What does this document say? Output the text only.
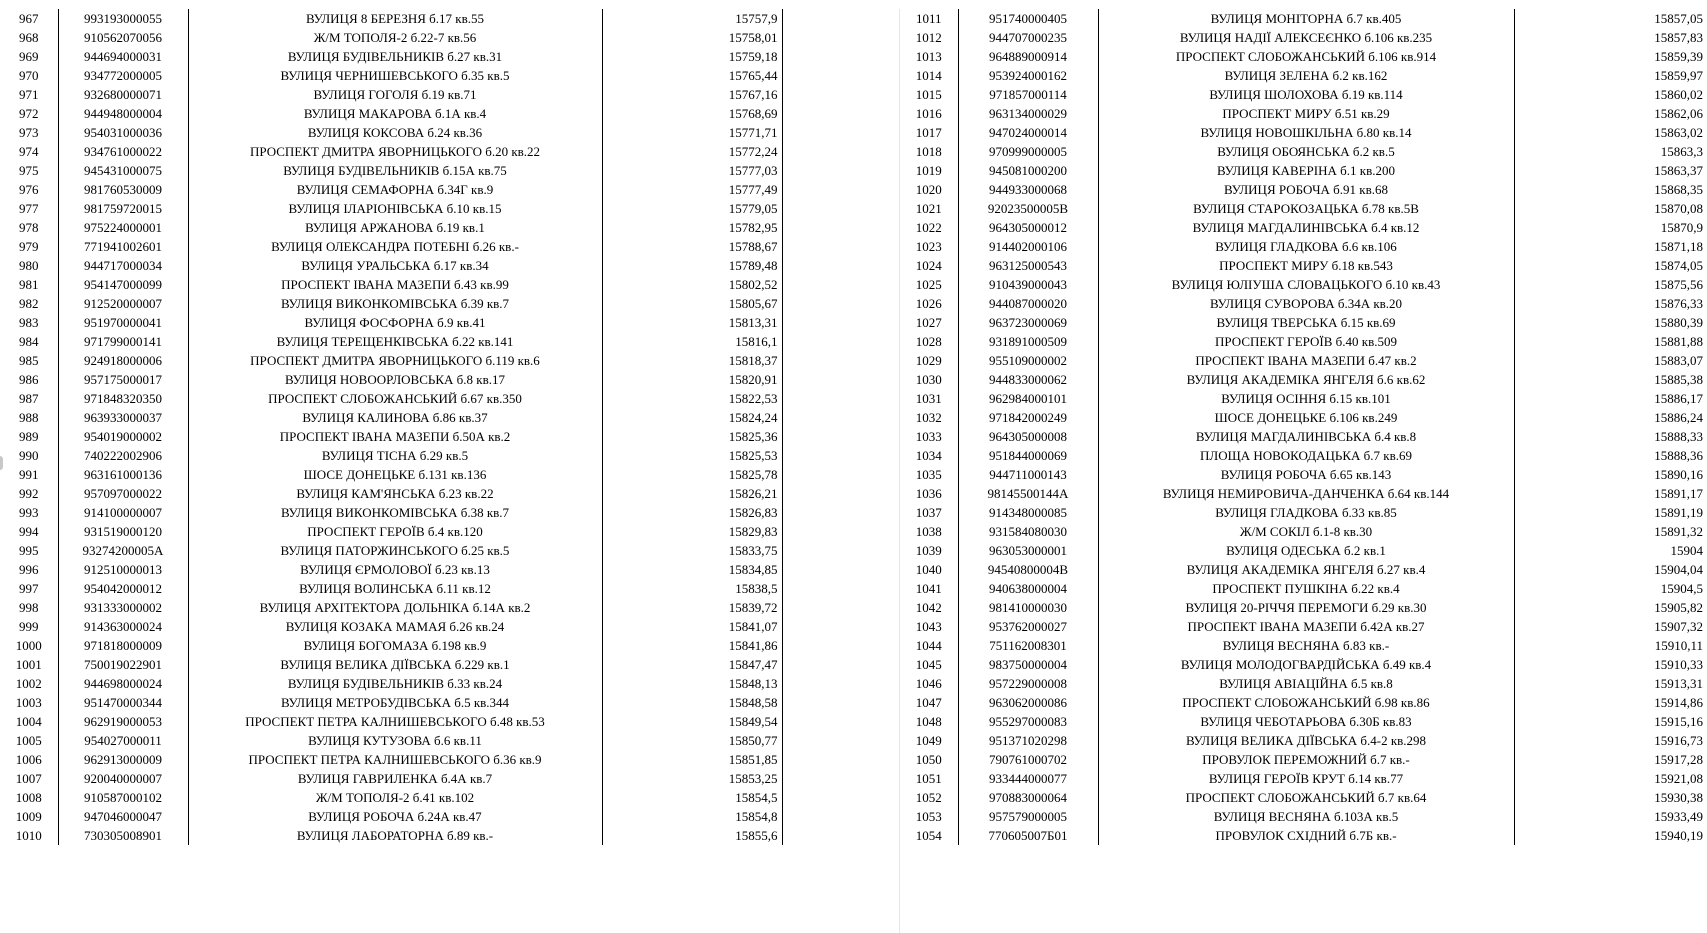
967	993193000055	ВУЛИЦЯ 8 БЕРЕЗНЯ б.17 кв.55	15757,9	
968	910562070056	Ж/М ТОПОЛЯ-2 б.22-7 кв.56	15758,01	
969	944694000031	ВУЛИЦЯ БУДІВЕЛЬНИКІВ б.27 кв.31	15759,18	
970	934772000005	ВУЛИЦЯ ЧЕРНИШЕВСЬКОГО б.35 кв.5	15765,44	
971	932680000071	ВУЛИЦЯ ГОГОЛЯ б.19 кв.71	15767,16	
972	944948000004	ВУЛИЦЯ МАКАРОВА б.1А кв.4	15768,69	
973	954031000036	ВУЛИЦЯ КОКСОВА б.24 кв.36	15771,71	
974	934761000022	ПРОСПЕКТ ДМИТРА ЯВОРНИЦЬКОГО б.20 кв.22	15772,24	
975	945431000075	ВУЛИЦЯ БУДІВЕЛЬНИКІВ б.15А кв.75	15777,03	
976	981760530009	ВУЛИЦЯ СЕМАФОРНА б.34Г кв.9	15777,49	
977	981759720015	ВУЛИЦЯ ІЛАРІОНІВСЬКА б.10 кв.15	15779,05	
978	975224000001	ВУЛИЦЯ АРЖАНОВА б.19 кв.1	15782,95	
979	771941002601	ВУЛИЦЯ ОЛЕКСАНДРА ПОТЕБНІ б.26 кв.-	15788,67	
980	944717000034	ВУЛИЦЯ УРАЛЬСЬКА б.17 кв.34	15789,48	
981	954147000099	ПРОСПЕКТ ІВАНА МАЗЕПИ б.43 кв.99	15802,52	
982	912520000007	ВУЛИЦЯ ВИКОНКОМІВСЬКА б.39 кв.7	15805,67	
983	951970000041	ВУЛИЦЯ ФОСФОРНА б.9 кв.41	15813,31	
984	971799000141	ВУЛИЦЯ ТЕРЕЩЕНКІВСЬКА б.22 кв.141	15816,1	
985	924918000006	ПРОСПЕКТ ДМИТРА ЯВОРНИЦЬКОГО б.119 кв.6	15818,37	
986	957175000017	ВУЛИЦЯ НОВООРЛОВСЬКА б.8 кв.17	15820,91	
987	971848320350	ПРОСПЕКТ СЛОБОЖАНСЬКИЙ б.67 кв.350	15822,53	
988	963933000037	ВУЛИЦЯ КАЛИНОВА б.86 кв.37	15824,24	
989	954019000002	ПРОСПЕКТ ІВАНА МАЗЕПИ б.50А кв.2	15825,36	
990	740222002906	ВУЛИЦЯ ТІСНА б.29 кв.5	15825,53	
991	963161000136	ШОСЕ ДОНЕЦЬКЕ б.131 кв.136	15825,78	
992	957097000022	ВУЛИЦЯ КАМ'ЯНСЬКА б.23 кв.22	15826,21	
993	914100000007	ВУЛИЦЯ ВИКОНКОМІВСЬКА б.38 кв.7	15826,83	
994	931519000120	ПРОСПЕКТ ГЕРОЇВ б.4 кв.120	15829,83	
995	93274200005А	ВУЛИЦЯ ПАТОРЖИНСЬКОГО б.25 кв.5	15833,75	
996	912510000013	ВУЛИЦЯ ЄРМОЛОВОЇ б.23 кв.13	15834,85	
997	954042000012	ВУЛИЦЯ ВОЛИНСЬКА б.11 кв.12	15838,5	
998	931333000002	ВУЛИЦЯ АРХІТЕКТОРА ДОЛЬНІКА б.14А кв.2	15839,72	
999	914363000024	ВУЛИЦЯ КОЗАКА МАМАЯ б.26 кв.24	15841,07	
1000	971818000009	ВУЛИЦЯ БОГОМАЗА б.198 кв.9	15841,86	
1001	750019022901	ВУЛИЦЯ ВЕЛИКА ДІЇВСЬКА б.229 кв.1	15847,47	
1002	944698000024	ВУЛИЦЯ БУДІВЕЛЬНИКІВ б.33 кв.24	15848,13	
1003	951470000344	ВУЛИЦЯ МЕТРОБУДІВСЬКА б.5 кв.344	15848,58	
1004	962919000053	ПРОСПЕКТ ПЕТРА КАЛНИШЕВСЬКОГО б.48 кв.53	15849,54	
1005	954027000011	ВУЛИЦЯ КУТУЗОВА б.6 кв.11	15850,77	
1006	962913000009	ПРОСПЕКТ ПЕТРА КАЛНИШЕВСЬКОГО б.36 кв.9	15851,85	
1007	920040000007	ВУЛИЦЯ ГАВРИЛЕНКА б.4А кв.7	15853,25	
1008	910587000102	Ж/М ТОПОЛЯ-2 б.41 кв.102	15854,5	
1009	947046000047	ВУЛИЦЯ РОБОЧА б.24А кв.47	15854,8	
1010	730305008901	ВУЛИЦЯ ЛАБОРАТОРНА б.89 кв.-	15855,6	
1011	951740000405	ВУЛИЦЯ МОНІТОРНА б.7 кв.405	15857,05
1012	944707000235	ВУЛИЦЯ НАДІЇ АЛЕКСЕЄНКО б.106 кв.235	15857,83
1013	964889000914	ПРОСПЕКТ СЛОБОЖАНСЬКИЙ б.106 кв.914	15859,39
1014	953924000162	ВУЛИЦЯ ЗЕЛЕНА б.2 кв.162	15859,97
1015	971857000114	ВУЛИЦЯ ШОЛОХОВА б.19 кв.114	15860,02
1016	963134000029	ПРОСПЕКТ МИРУ б.51 кв.29	15862,06
1017	947024000014	ВУЛИЦЯ НОВОШКІЛЬНА б.80 кв.14	15863,02
1018	970999000005	ВУЛИЦЯ ОБОЯНСЬКА б.2 кв.5	15863,3
1019	945081000200	ВУЛИЦЯ КАВЕРІНА б.1 кв.200	15863,37
1020	944933000068	ВУЛИЦЯ РОБОЧА б.91 кв.68	15868,35
1021	92023500005В	ВУЛИЦЯ СТАРОКОЗАЦЬКА б.78 кв.5В	15870,08
1022	964305000012	ВУЛИЦЯ МАГДАЛИНІВСЬКА б.4 кв.12	15870,9
1023	914402000106	ВУЛИЦЯ ГЛАДКОВА б.6 кв.106	15871,18
1024	963125000543	ПРОСПЕКТ МИРУ б.18 кв.543	15874,05
1025	910439000043	ВУЛИЦЯ ЮЛІУША СЛОВАЦЬКОГО б.10 кв.43	15875,56
1026	944087000020	ВУЛИЦЯ СУВОРОВА б.34А кв.20	15876,33
1027	963723000069	ВУЛИЦЯ ТВЕРСЬКА б.15 кв.69	15880,39
1028	931891000509	ПРОСПЕКТ ГЕРОЇВ б.40 кв.509	15881,88
1029	955109000002	ПРОСПЕКТ ІВАНА МАЗЕПИ б.47 кв.2	15883,07
1030	944833000062	ВУЛИЦЯ АКАДЕМІКА ЯНГЕЛЯ б.6 кв.62	15885,38
1031	962984000101	ВУЛИЦЯ ОСІННЯ б.15 кв.101	15886,17
1032	971842000249	ШОСЕ ДОНЕЦЬКЕ б.106 кв.249	15886,24
1033	964305000008	ВУЛИЦЯ МАГДАЛИНІВСЬКА б.4 кв.8	15888,33
1034	951844000069	ПЛОЩА НОВОКОДАЦЬКА б.7 кв.69	15888,36
1035	944711000143	ВУЛИЦЯ РОБОЧА б.65 кв.143	15890,16
1036	98145500144А	ВУЛИЦЯ НЕМИРОВИЧА-ДАНЧЕНКА б.64 кв.144	15891,17
1037	914348000085	ВУЛИЦЯ ГЛАДКОВА б.33 кв.85	15891,19
1038	931584080030	Ж/М СОКІЛ б.1-8 кв.30	15891,32
1039	963053000001	ВУЛИЦЯ ОДЕСЬКА б.2 кв.1	15904
1040	94540800004В	ВУЛИЦЯ АКАДЕМІКА ЯНГЕЛЯ б.27 кв.4	15904,04
1041	940638000004	ПРОСПЕКТ ПУШКІНА б.22 кв.4	15904,5
1042	981410000030	ВУЛИЦЯ 20-РІЧЧЯ ПЕРЕМОГИ б.29 кв.30	15905,82
1043	953762000027	ПРОСПЕКТ ІВАНА МАЗЕПИ б.42А кв.27	15907,32
1044	751162008301	ВУЛИЦЯ ВЕСНЯНА б.83 кв.-	15910,11
1045	983750000004	ВУЛИЦЯ МОЛОДОГВАРДІЙСЬКА б.49 кв.4	15910,33
1046	957229000008	ВУЛИЦЯ АВІАЦІЙНА б.5 кв.8	15913,31
1047	963062000086	ПРОСПЕКТ СЛОБОЖАНСЬКИЙ б.98 кв.86	15914,86
1048	955297000083	ВУЛИЦЯ ЧЕБОТАРЬОВА б.30Б кв.83	15915,16
1049	951371020298	ВУЛИЦЯ ВЕЛИКА ДІЇВСЬКА б.4-2 кв.298	15916,73
1050	790761000702	ПРОВУЛОК ПЕРЕМОЖНИЙ б.7 кв.-	15917,28
1051	933444000077	ВУЛИЦЯ ГЕРОЇВ КРУТ б.14 кв.77	15921,08
1052	970883000064	ПРОСПЕКТ СЛОБОЖАНСЬКИЙ б.7 кв.64	15930,38
1053	957579000005	ВУЛИЦЯ ВЕСНЯНА б.103А кв.5	15933,49
1054	770605007Б01	ПРОВУЛОК СХІДНИЙ б.7Б кв.-	15940,19
